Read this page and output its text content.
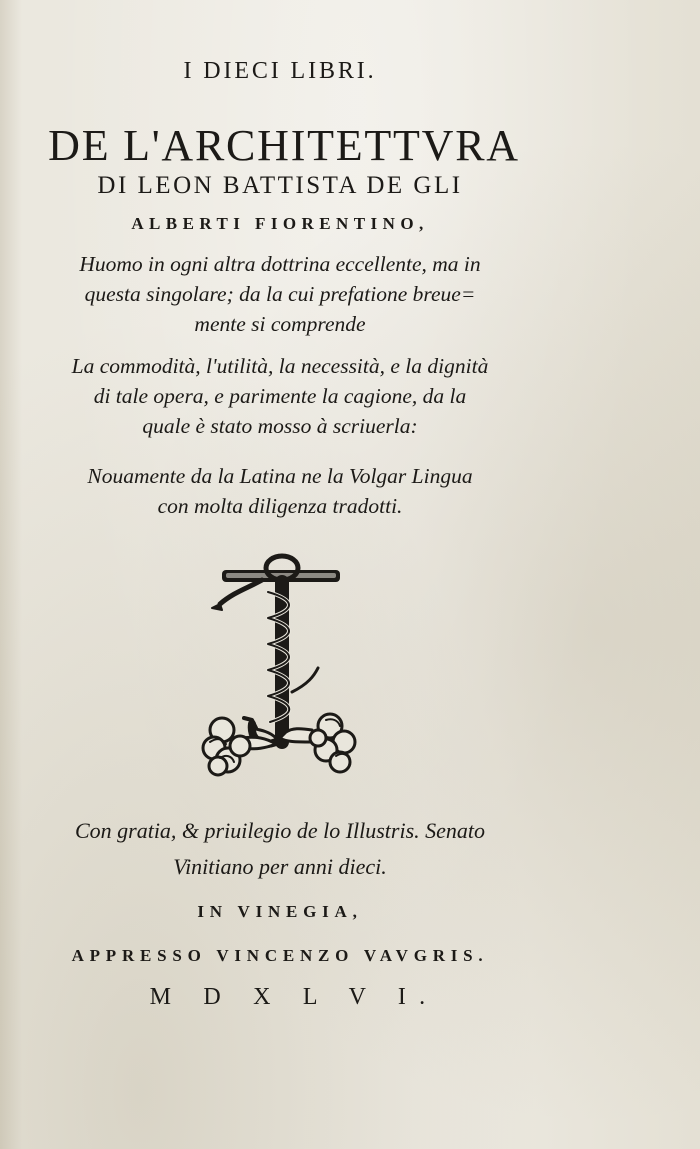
I DIECI LIBRI.
DE L'ARCHITETTVRA
DI LEON BATTISTA DE GLI
ALBERTI FIORENTINO,
Huomo in ogni altra dottrina eccellente, ma in
questa singolare; da la cui prefatione breue=
mente si comprende
La commodità, l'utilità, la necessità, e la dignità
di tale opera, e parimente la cagione, da la
quale è stato mosso à scriuerla:
Nouamente da la Latina ne la Volgar Lingua
con molta diligenza tradotti.
Con gratia, & priuilegio de lo Illustris. Senato
Vinitiano per anni dieci.
IN VINEGIA,
APPRESSO VINCENZO VAVGRIS.
M D X L V I.
